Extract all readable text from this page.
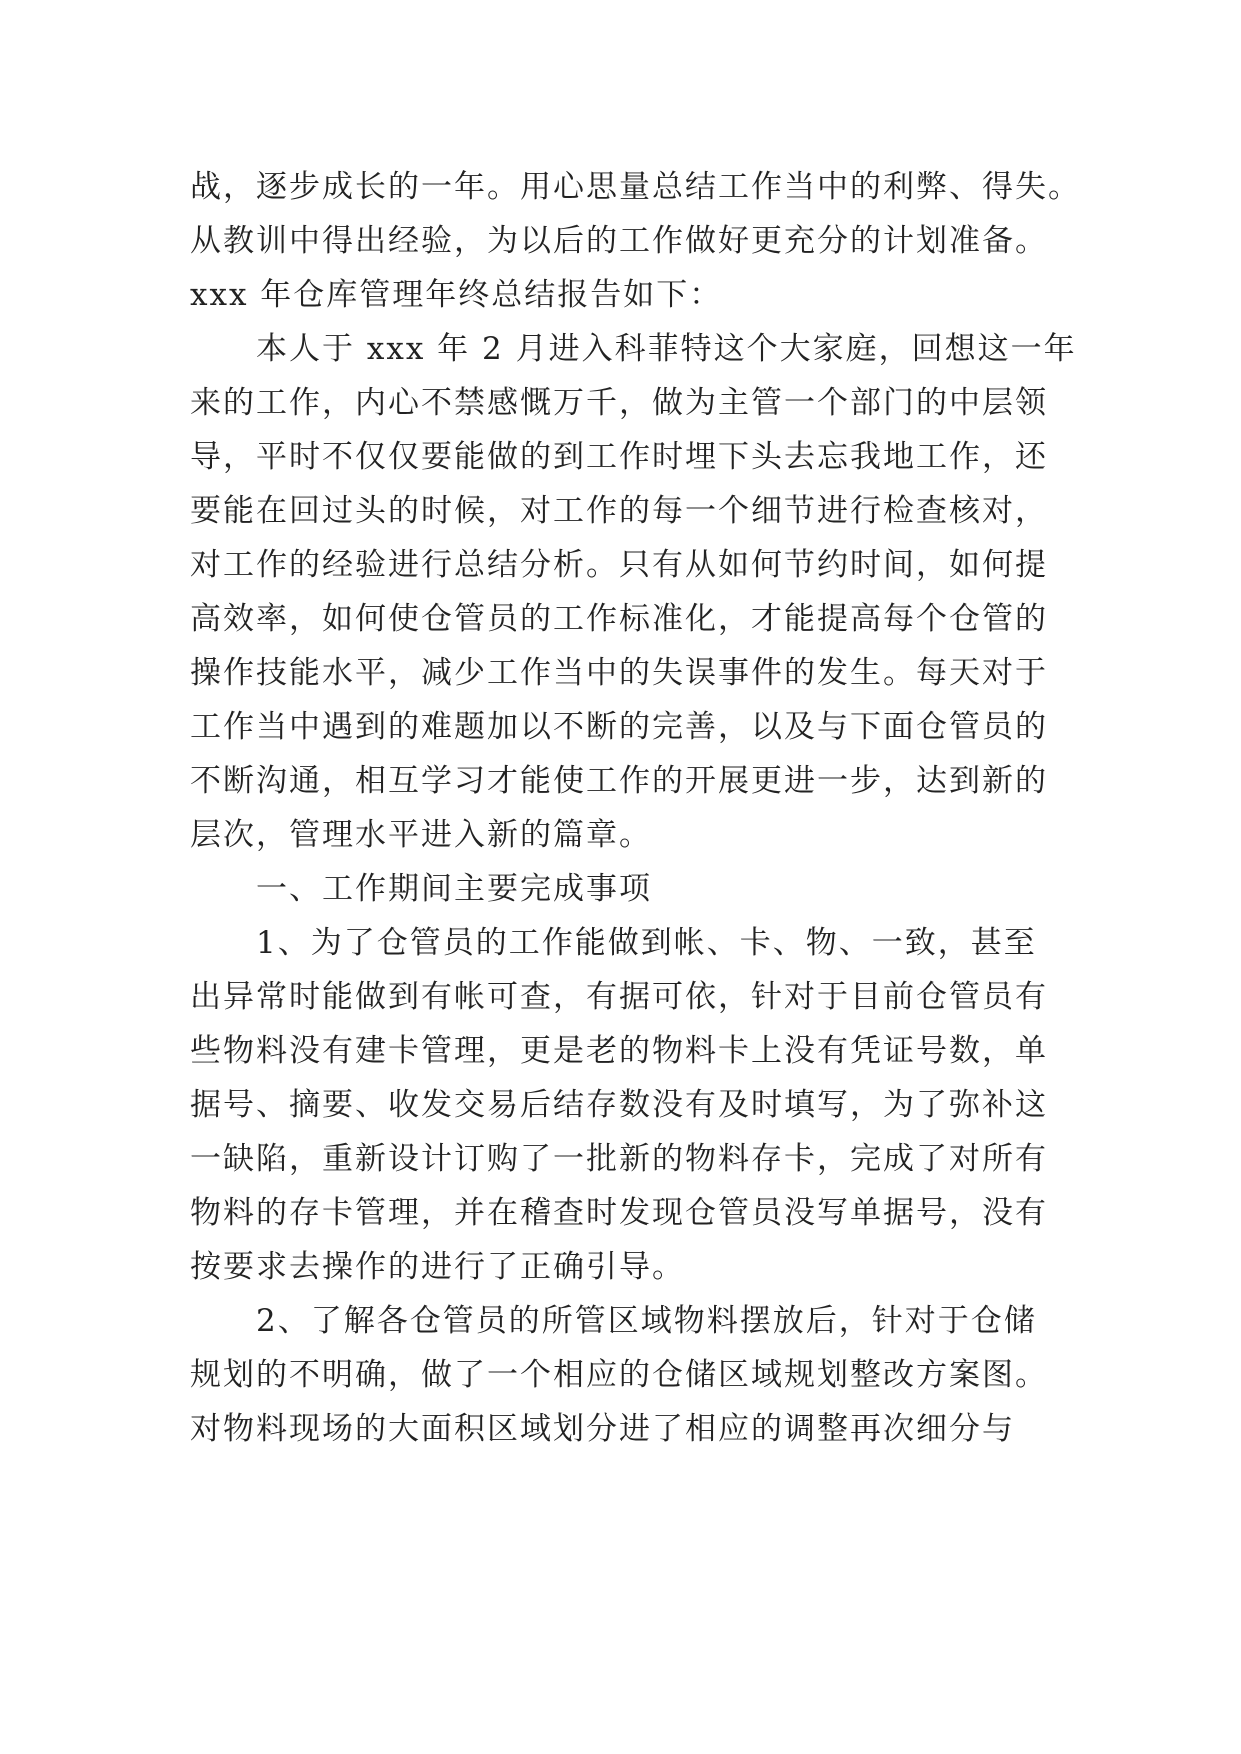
战，逐步成长的一年。用心思量总结工作当中的利弊、得失。
从教训中得出经验，为以后的工作做好更充分的计划准备。
xxx 年仓库管理年终总结报告如下：
本人于 xxx 年 2 月进入科菲特这个大家庭，回想这一年
来的工作，内心不禁感慨万千，做为主管一个部门的中层领
导，平时不仅仅要能做的到工作时埋下头去忘我地工作，还
要能在回过头的时候，对工作的每一个细节进行检查核对，
对工作的经验进行总结分析。只有从如何节约时间，如何提
高效率，如何使仓管员的工作标准化，才能提高每个仓管的
操作技能水平，减少工作当中的失误事件的发生。每天对于
工作当中遇到的难题加以不断的完善，以及与下面仓管员的
不断沟通，相互学习才能使工作的开展更进一步，达到新的
层次，管理水平进入新的篇章。
一、工作期间主要完成事项
1、为了仓管员的工作能做到帐、卡、物、一致，甚至
出异常时能做到有帐可查，有据可依，针对于目前仓管员有
些物料没有建卡管理，更是老的物料卡上没有凭证号数，单
据号、摘要、收发交易后结存数没有及时填写，为了弥补这
一缺陷，重新设计订购了一批新的物料存卡，完成了对所有
物料的存卡管理，并在稽查时发现仓管员没写单据号，没有
按要求去操作的进行了正确引导。
2、了解各仓管员的所管区域物料摆放后，针对于仓储
规划的不明确，做了一个相应的仓储区域规划整改方案图。
对物料现场的大面积区域划分进了相应的调整再次细分与
